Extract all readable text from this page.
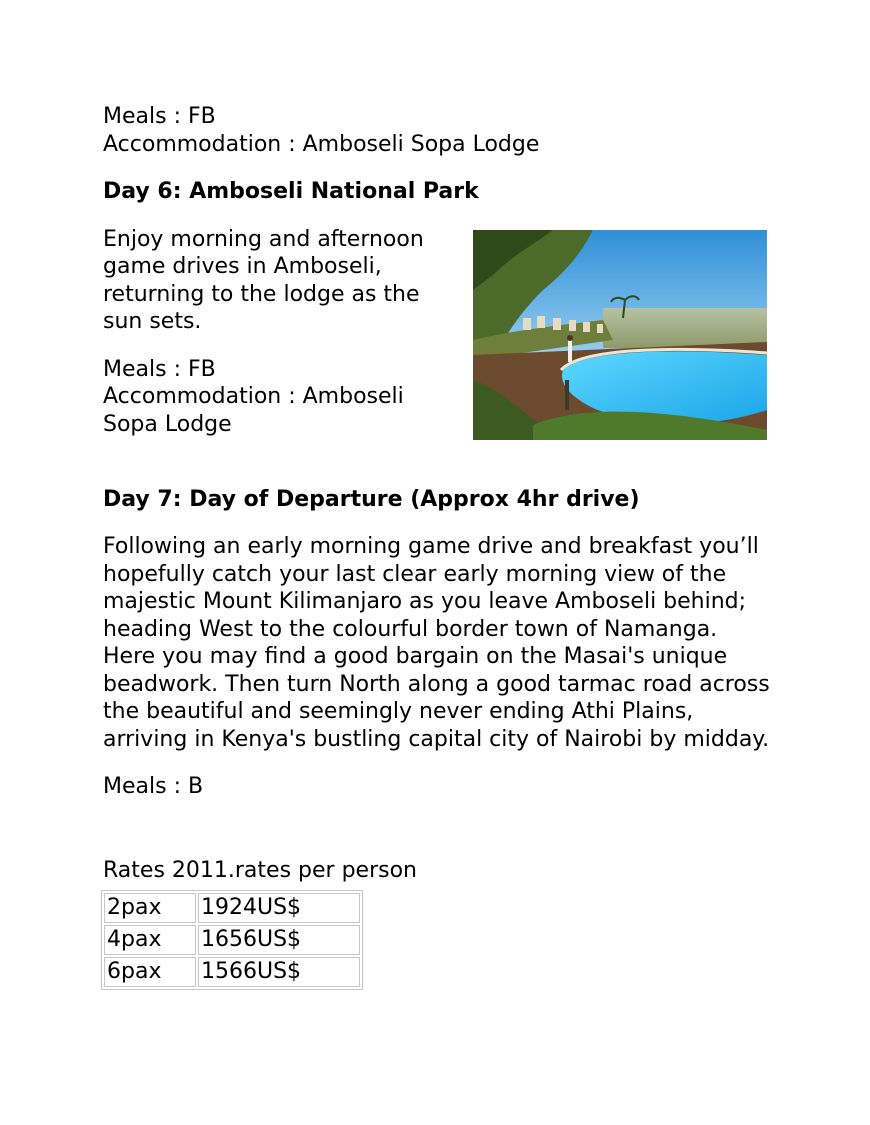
Meals : FB

Accommodation : Amboseli Sopa Lodge

Day 6: Amboseli National Park

Enjoy morning and afternoon game drives in Amboseli, returning to the lodge as the sun sets.

Meals : FB

Accommodation : Amboseli Sopa Lodge

Day 7: Day of Departure (Approx 4hr drive)

Following an early morning game drive and breakfast you’ll hopefully catch your last clear early morning view of the majestic Mount Kilimanjaro as you leave Amboseli behind; heading West to the colourful border town of Namanga. Here you may find a good bargain on the Masai's unique beadwork. Then turn North along a good tarmac road across the beautiful and seemingly never ending Athi Plains, arriving in Kenya's bustling capital city of Nairobi by midday.

Meals : B

Rates 2011.rates per person

2pax	1924US$
4pax	1656US$
6pax	1566US$
